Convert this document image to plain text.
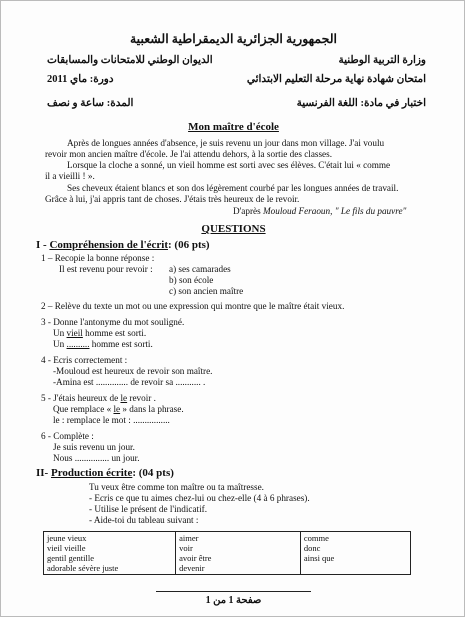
الجمهورية الجزائرية الديمقراطية الشعبية
وزارة التربية الوطنية
الديوان الوطني للامتحانات والمسابقات
امتحان شهادة نهاية مرحلة التعليم الابتدائي
دورة: ماي 2011
اختبار في مادة: اللغة الفرنسية
المدة: ساعة و نصف
Mon maître d'école
Après de longues années d'absence, je suis revenu un jour dans mon village. J'ai voulu
revoir mon ancien maître d'école. Je l'ai attendu dehors, à la sortie des classes.
Lorsque la cloche a sonné, un vieil homme est sorti avec ses élèves. C'était lui « comme
il a vieilli ! ».
Ses cheveux étaient blancs et son dos légèrement courbé par les longues années de travail.
Grâce à lui, j'ai appris tant de choses. J'étais très heureux de le revoir.
D'après Mouloud Feraoun, " Le fils du pauvre"
QUESTIONS
I - Compréhension de l'écrit: (06 pts)
1 – Recopie la bonne réponse :
Il est revenu pour revoir : a) ses camarades
b) son école
c) son ancien maître
2 – Relève du texte un mot ou une expression qui montre que le maître était vieux.
3 - Donne l'antonyme du mot souligné.
Un vieil homme est sorti.
Un .......... homme est sorti.
4 - Ecris correctement :
-Mouloud est heureux de revoir son maître.
-Amina est .............. de revoir sa ........... .
5 - J'étais heureux de le revoir .
Que remplace « le » dans la phrase.
le : remplace le mot : ................
6 - Complète :
Je suis revenu un jour.
Nous ............... un jour.
II- Production écrite: (04 pts)
Tu veux être comme ton maître ou ta maîtresse.
- Ecris ce que tu aimes chez-lui ou chez-elle (4 à 6 phrases).
- Utilise le présent de l'indicatif.
- Aide-toi du tableau suivant :
jeune vieux
vieil vieille
gentil gentille
adorable sévère juste

aimer
voir
avoir être
devenir

comme
donc
ainsi que
صفحة 1 من 1
